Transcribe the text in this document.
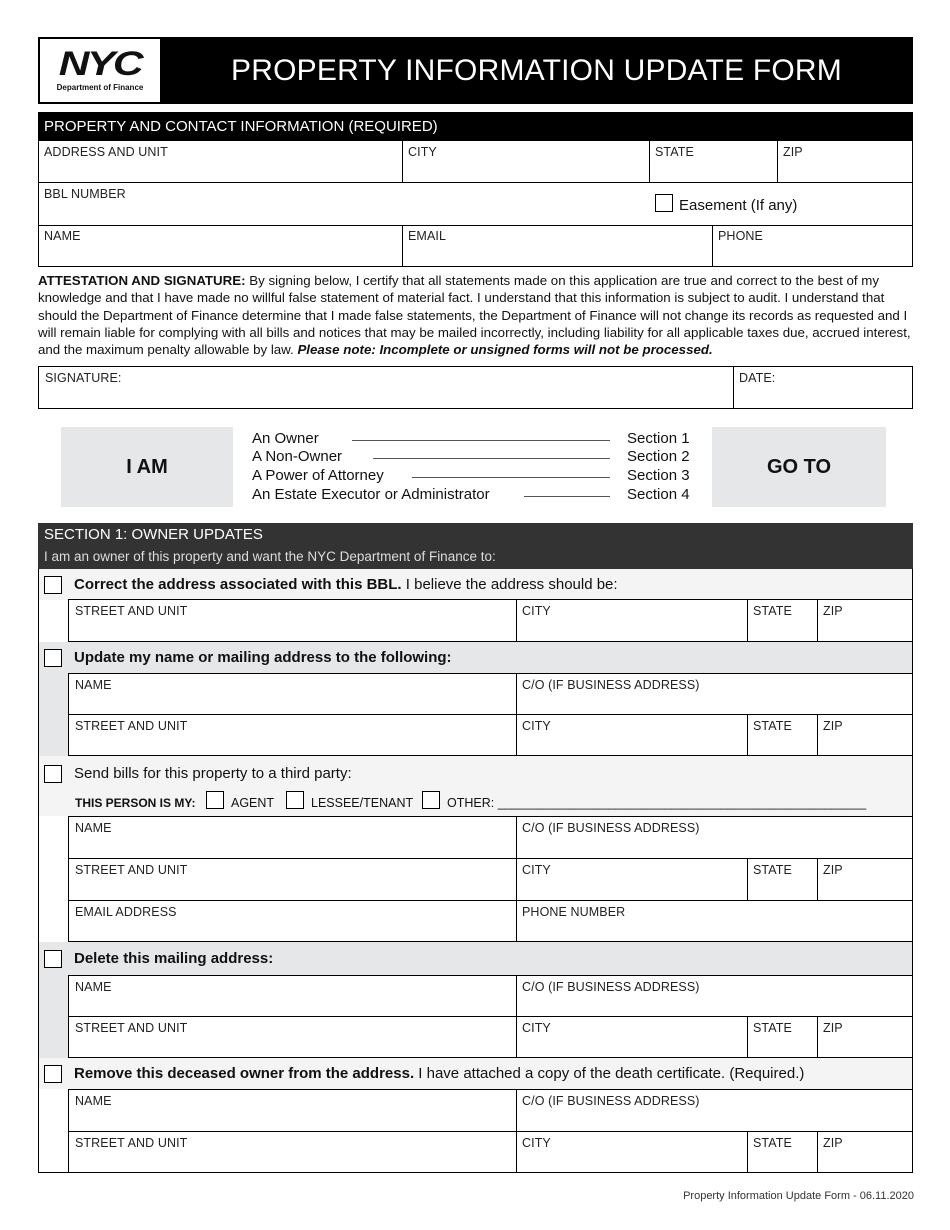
NYC
Department of Finance
PROPERTY INFORMATION UPDATE FORM
PROPERTY AND CONTACT INFORMATION (REQUIRED)
ADDRESS AND UNIT	CITY	STATE	ZIP
BBL NUMBER
Easement (If any)
NAME	EMAIL	PHONE
ATTESTATION AND SIGNATURE: By signing below, I certify that all statements made on this application are true and correct to the best of my knowledge and that I have made no willful false statement of material fact. I understand that this information is subject to audit. I understand that should the Department of Finance determine that I made false statements, the Department of Finance will not change its records as requested and I will remain liable for complying with all bills and notices that may be mailed incorrectly, including liability for all applicable taxes due, accrued interest, and the maximum penalty allowable by law. Please note: Incomplete or unsigned forms will not be processed.
SIGNATURE:	DATE:
I AM	GO TO
An Owner	Section 1
A Non-Owner	Section 2
A Power of Attorney	Section 3
An Estate Executor or Administrator	Section 4
SECTION 1: OWNER UPDATES
I am an owner of this property and want the NYC Department of Finance to:
Correct the address associated with this BBL. I believe the address should be:
STREET AND UNIT	CITY	STATE	ZIP
Update my name or mailing address to the following:
NAME	C/O (IF BUSINESS ADDRESS)
STREET AND UNIT	CITY	STATE	ZIP
Send bills for this property to a third party:
THIS PERSON IS MY:	AGENT	LESSEE/TENANT	OTHER: _____________________________________________________
NAME	C/O (IF BUSINESS ADDRESS)
STREET AND UNIT	CITY	STATE	ZIP
EMAIL ADDRESS	PHONE NUMBER
Delete this mailing address:
NAME	C/O (IF BUSINESS ADDRESS)
STREET AND UNIT	CITY	STATE	ZIP
Remove this deceased owner from the address. I have attached a copy of the death certificate. (Required.)
NAME	C/O (IF BUSINESS ADDRESS)
STREET AND UNIT	CITY	STATE	ZIP
Property Information Update Form - 06.11.2020
